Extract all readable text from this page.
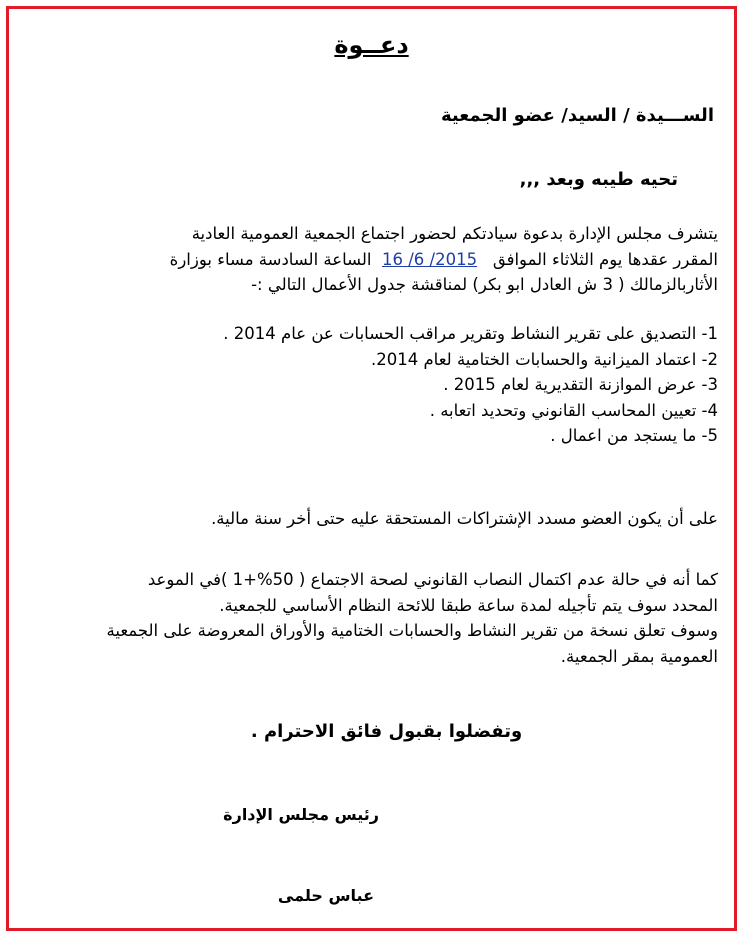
دعــوة
الســـيدة / السيد/ عضو الجمعية
تحيه طيبه وبعد ,,,

يتشرف مجلس الإدارة بدعوة سيادتكم لحضور اجتماع الجمعية العمومية العادية

المقرر عقدها يوم الثلاثاء الموافق   16 /6 /2015  الساعة السادسة مساء بوزارة

الأثاربالزمالك ( 3 ش العادل ابو بكر) لمناقشة جدول الأعمال التالي :-

1- التصديق على تقرير النشاط وتقرير مراقب الحسابات عن عام 2014 .

2- اعتماد الميزانية والحسابات الختامية لعام 2014.

3- عرض الموازنة التقديرية لعام 2015 .

4- تعيين المحاسب القانوني وتحديد اتعابه .

5- ما يستجد من اعمال .

على أن يكون العضو مسدد الإشتراكات المستحقة عليه حتى أخر سنة مالية.

كما أنه في حالة عدم اكتمال النصاب القانوني لصحة الاجتماع ( 50%+1 )في الموعد

المحدد سوف يتم تأجيله لمدة ساعة طبقا للائحة النظام الأساسي للجمعية.

وسوف تعلق نسخة من تقرير النشاط والحسابات الختامية والأوراق المعروضة على الجمعية

العمومية بمقر الجمعية.

وتفضلوا بقبول فائق الاحترام .
رئيس مجلس الإدارة
عباس حلمى
